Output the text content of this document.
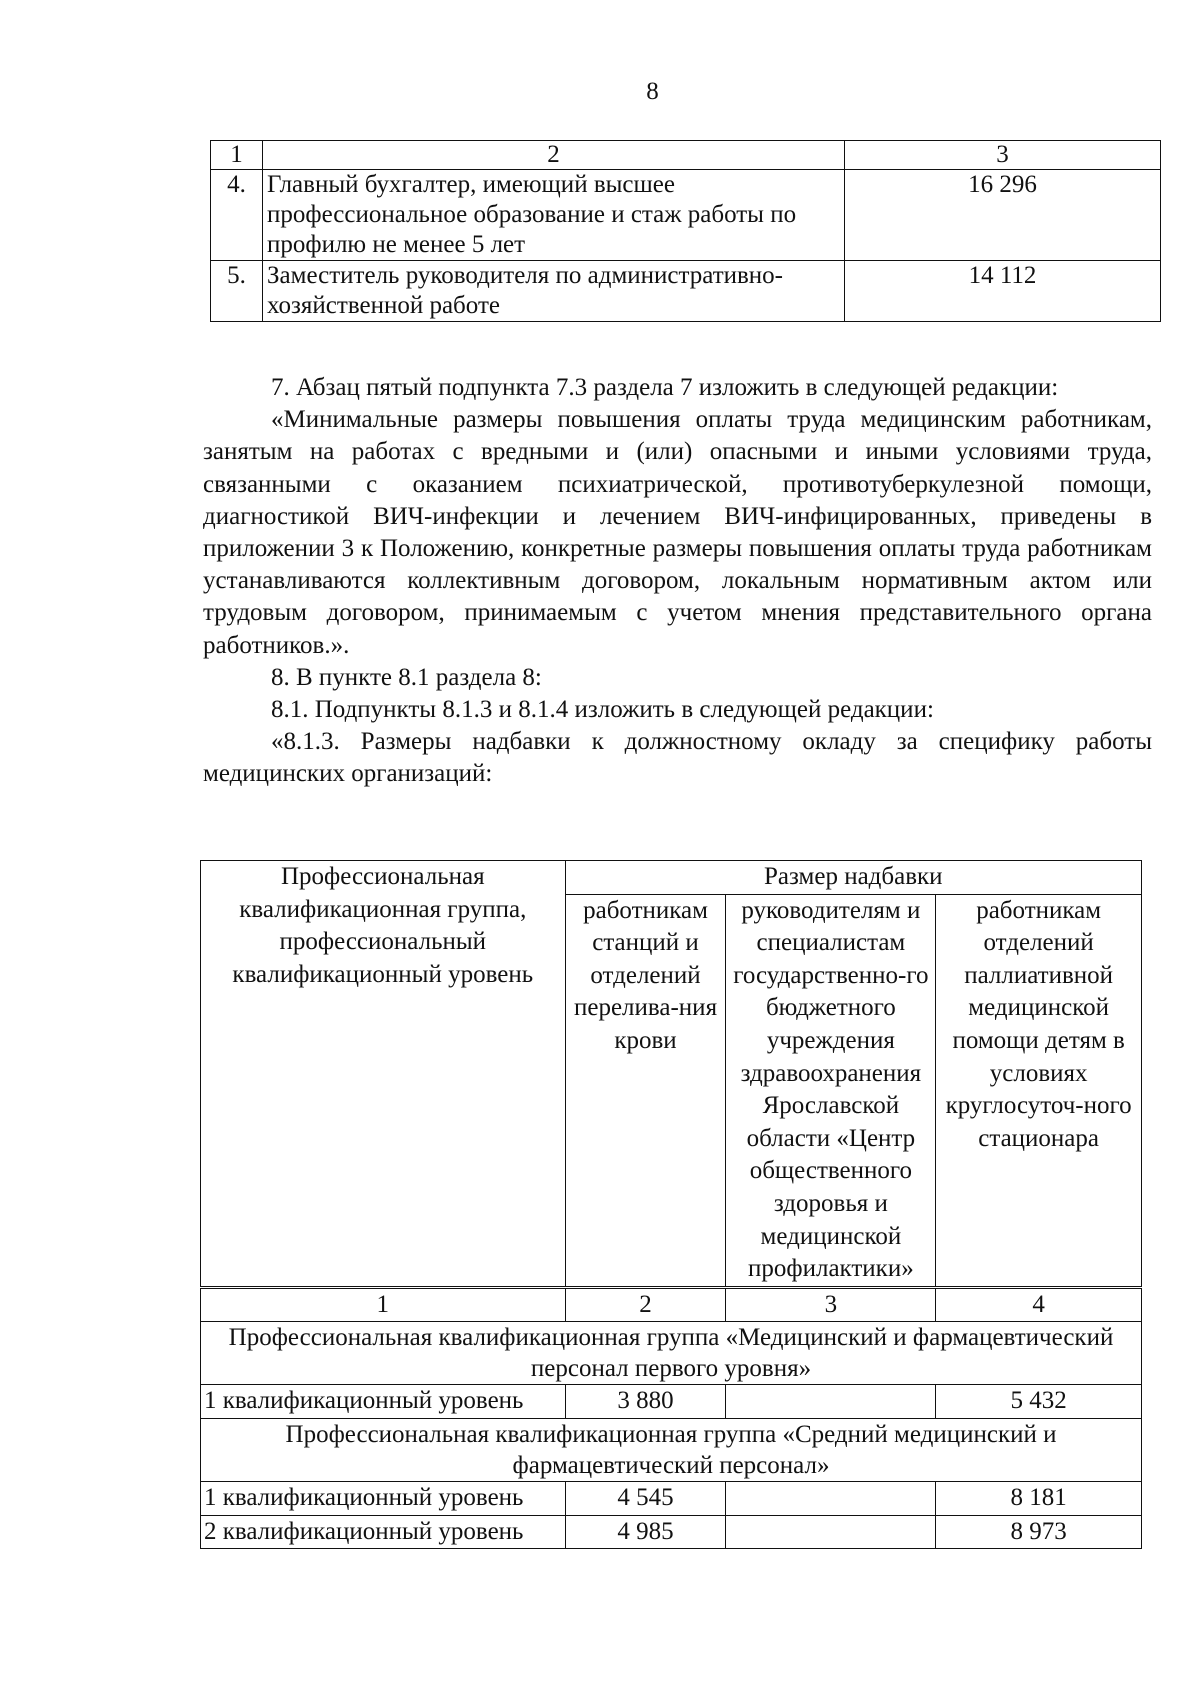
8
1	2	3
4.	Главный бухгалтер, имеющий высшее профессиональное образование и стаж работы по профилю не менее 5 лет	16 296
5.	Заместитель руководителя по административно-хозяйственной работе	14 112

7. Абзац пятый подпункта 7.3 раздела 7 изложить в следующей редакции:

«Минимальные размеры повышения оплаты труда медицинским работникам, занятым на работах с вредными и (или) опасными и иными условиями труда, связанными с оказанием психиатрической, противотуберкулезной помощи, диагностикой ВИЧ-инфекции и лечением ВИЧ-инфицированных, приведены в приложении 3 к Положению, конкретные размеры повышения оплаты труда работникам устанавливаются коллективным договором, локальным нормативным актом или трудовым договором, принимаемым с учетом мнения представительного органа работников.».

8. В пункте 8.1 раздела 8:

8.1. Подпункты 8.1.3 и 8.1.4 изложить в следующей редакции:

«8.1.3. Размеры надбавки к должностному окладу за специфику работы медицинских организаций:

Профессиональная квалификационная группа, профессиональный квалификационный уровень	Размер надбавки		
	работникам станций и отделений перелива-ния крови	руководителям и специалистам государственно-го бюджетного учреждения здравоохранения Ярославской области «Центр общественного здоровья и медицинской профилактики»	работникам отделений паллиативной медицинской помощи детям в условиях круглосуточ-ного стационара
1	2	3	4
Профессиональная квалификационная группа «Медицинский и фармацевтический персонал первого уровня»			
1 квалификационный уровень	3 880		5 432
Профессиональная квалификационная группа «Средний медицинский и фармацевтический персонал»			
1 квалификационный уровень	4 545		8 181
2 квалификационный уровень	4 985		8 973
